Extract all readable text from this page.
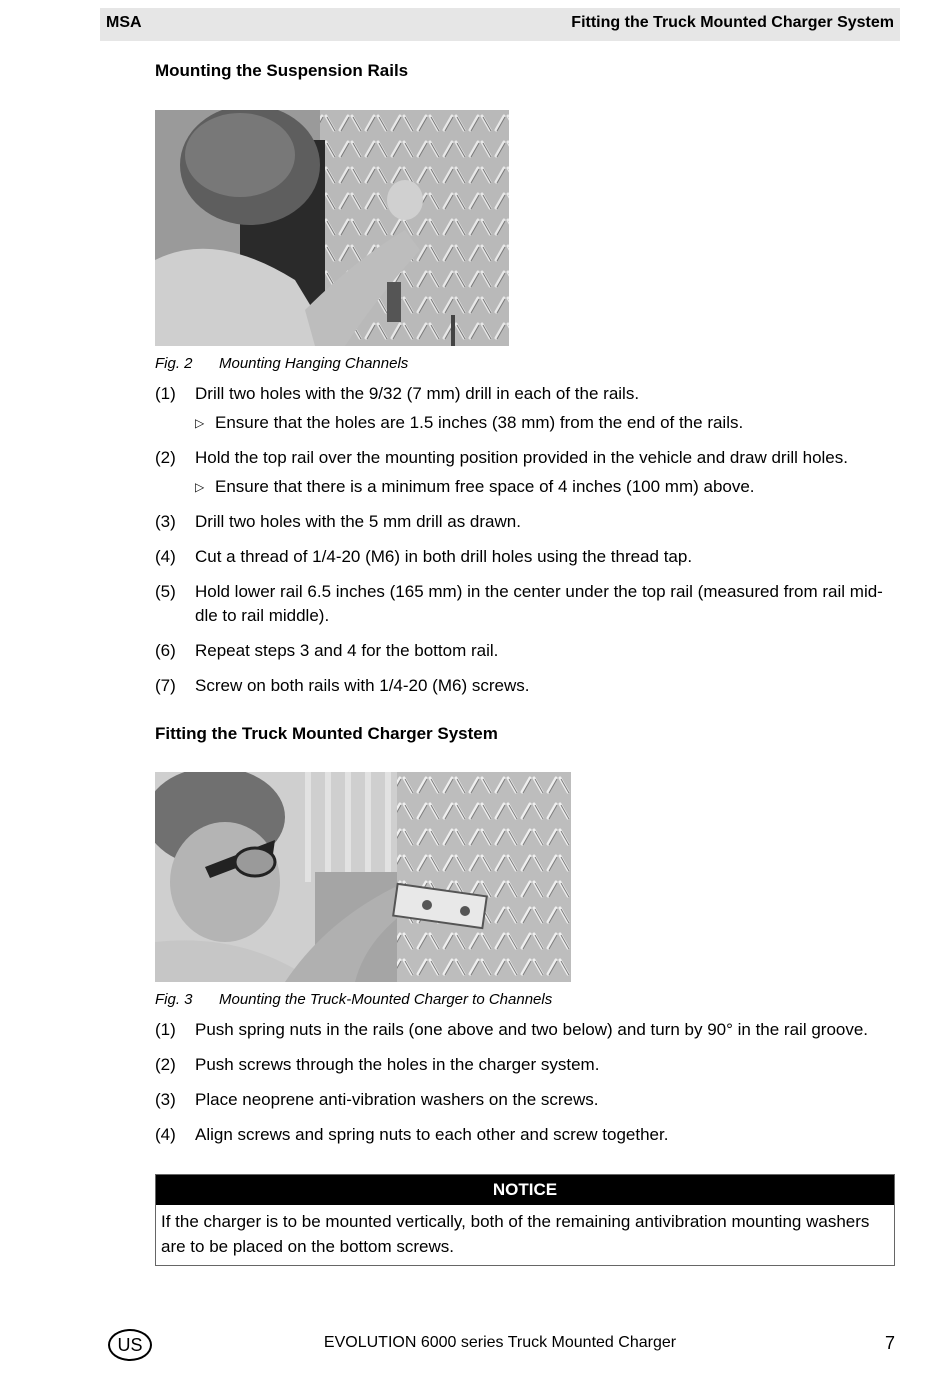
MSA	Fitting the Truck Mounted Charger System
Mounting the Suspension Rails
Fig. 2 Mounting Hanging Channels
(1) Drill two holes with the 9/32 (7 mm) drill in each of the rails.
▷ Ensure that the holes are 1.5 inches (38 mm) from the end of the rails.
(2) Hold the top rail over the mounting position provided in the vehicle and draw drill holes.
▷ Ensure that there is a minimum free space of 4 inches (100 mm) above.
(3) Drill two holes with the 5 mm drill as drawn.
(4) Cut a thread of 1/4-20 (M6) in both drill holes using the thread tap.
(5) Hold lower rail 6.5 inches (165 mm) in the center under the top rail (measured from rail mid-dle to rail middle).
(6) Repeat steps 3 and 4 for the bottom rail.
(7) Screw on both rails with 1/4-20 (M6) screws.
Fitting the Truck Mounted Charger System
Fig. 3 Mounting the Truck-Mounted Charger to Channels
(1) Push spring nuts in the rails (one above and two below) and turn by 90° in the rail groove.
(2) Push screws through the holes in the charger system.
(3) Place neoprene anti-vibration washers on the screws.
(4) Align screws and spring nuts to each other and screw together.
NOTICE
If the charger is to be mounted vertically, both of the remaining antivibration mounting washers are to be placed on the bottom screws.
US	EVOLUTION 6000 series Truck Mounted Charger	7
